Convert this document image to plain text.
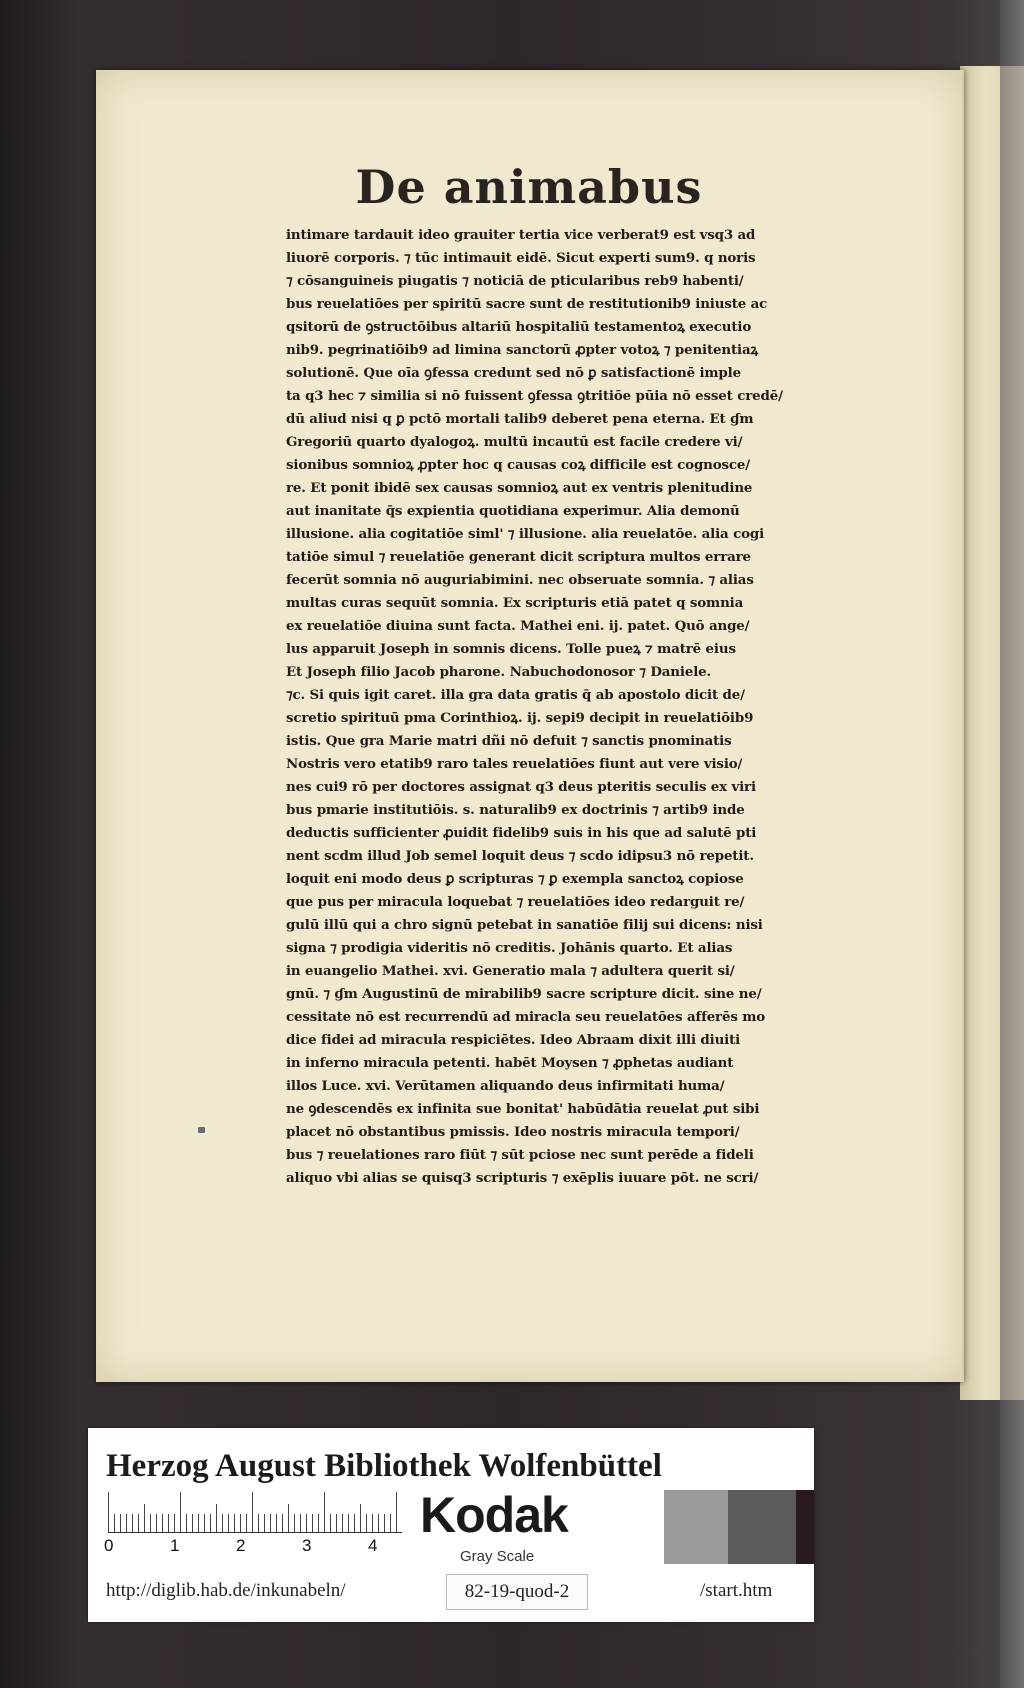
De animabus
intimare tardauit ideo grauiter tertia vice verberat9 est vsq3 ad
liuorē corporis. ⁊ tūc intimauit eidē. Sicut experti sum9. q noris
⁊ cōsanguineis piugatis ⁊ noticiā de pticularibus reb9 habenti/
bus reuelatiōes per spiritū sacre sunt de restitutionib9 iniuste ac
qsitorū de ꝯstructōibus altariū hospitaliū testamentoꝝ executio
nib9. pegrinatiōib9 ad limina sanctorū ꝓpter votoꝝ ⁊ penitentiaꝝ
solutionē. Que oīa ꝯfessa credunt sed nō ꝑ satisfactionē imple
ta q3 hec ⁊ similia si nō fuissent ꝯfessa ꝯtritiōe pūia nō esset credē/
dū aliud nisi q ꝑ pctō mortali talib9 deberet pena eterna. Et ɠm
Gregoriū quarto dyalogoꝝ. multū incautū est facile credere vi/
sionibus somnioꝝ ꝓpter hoc q causas coꝝ difficile est cognosce/
re. Et ponit ibidē sex causas somnioꝝ aut ex ventris plenitudine
aut inanitate q̄s expientia quotidiana experimur. Alia demonū
illusione. alia cogitatiōe siml' ⁊ illusione. alia reuelatōe. alia cogi
tatiōe simul ⁊ reuelatiōe generant dicit scriptura multos errare
fecerūt somnia nō auguriabimini. nec obseruate somnia. ⁊ alias
multas curas sequūt somnia. Ex scripturis etiā patet q somnia
ex reuelatiōe diuina sunt facta. Mathei eni. ij. patet. Quō ange/
lus apparuit Joseph in somnis dicens. Tolle pueꝝ ⁊ matrē eius
Et Joseph filio Jacob pharone. Nabuchodonosor ⁊ Daniele.
⁊c. Si quis igit caret. illa gra data gratis q̄ ab apostolo dicit de/
scretio spirituū pma Corinthioꝝ. ij. sepi9 decipit in reuelatiōib9
istis. Que gra Marie matri dñi nō defuit ⁊ sanctis pnominatis
Nostris vero etatib9 raro tales reuelatiōes fiunt aut vere visio/
nes cui9 rō per doctores assignat q3 deus pteritis seculis ex viri
bus pmarie institutiōis. s. naturalib9 ex doctrinis ⁊ artib9 inde
deductis sufficienter ꝓuidit fidelib9 suis in his que ad salutē pti
nent scdm illud Job semel loquit deus ⁊ scdo idipsu3 nō repetit.
loquit eni modo deus ꝑ scripturas ⁊ ꝑ exempla sanctoꝝ copiose
que pus per miracula loquebat ⁊ reuelatiōes ideo redarguit re/
gulū illū qui a chro signū petebat in sanatiōe filij sui dicens: nisi
signa ⁊ prodigia videritis nō creditis. Johānis quarto. Et alias
in euangelio Mathei. xvi. Generatio mala ⁊ adultera querit si/
gnū. ⁊ ɠm Augustinū de mirabilib9 sacre scripture dicit. sine ne/
cessitate nō est recurrendū ad miracla seu reuelatōes afferēs mo
dice fidei ad miracula respiciētes. Ideo Abraam dixit illi diuiti
in inferno miracula petenti. habēt Moysen ⁊ ꝓphetas audiant
illos Luce. xvi. Verūtamen aliquando deus infirmitati huma/
ne ꝯdescendēs ex infinita sue bonitat' habūdātia reuelat ꝓut sibi
placet nō obstantibus pmissis. Ideo nostris miracula tempori/
bus ⁊ reuelationes raro fiūt ⁊ sūt pciose nec sunt perēde a fideli
aliquo vbi alias se quisq3 scripturis ⁊ exēplis iuuare pōt. ne scri/
Herzog August Bibliothek Wolfenbüttel
0	1	2	3	4
Kodak
Gray Scale
http://diglib.hab.de/inkunabeln/	82-19-quod-2	/start.htm
